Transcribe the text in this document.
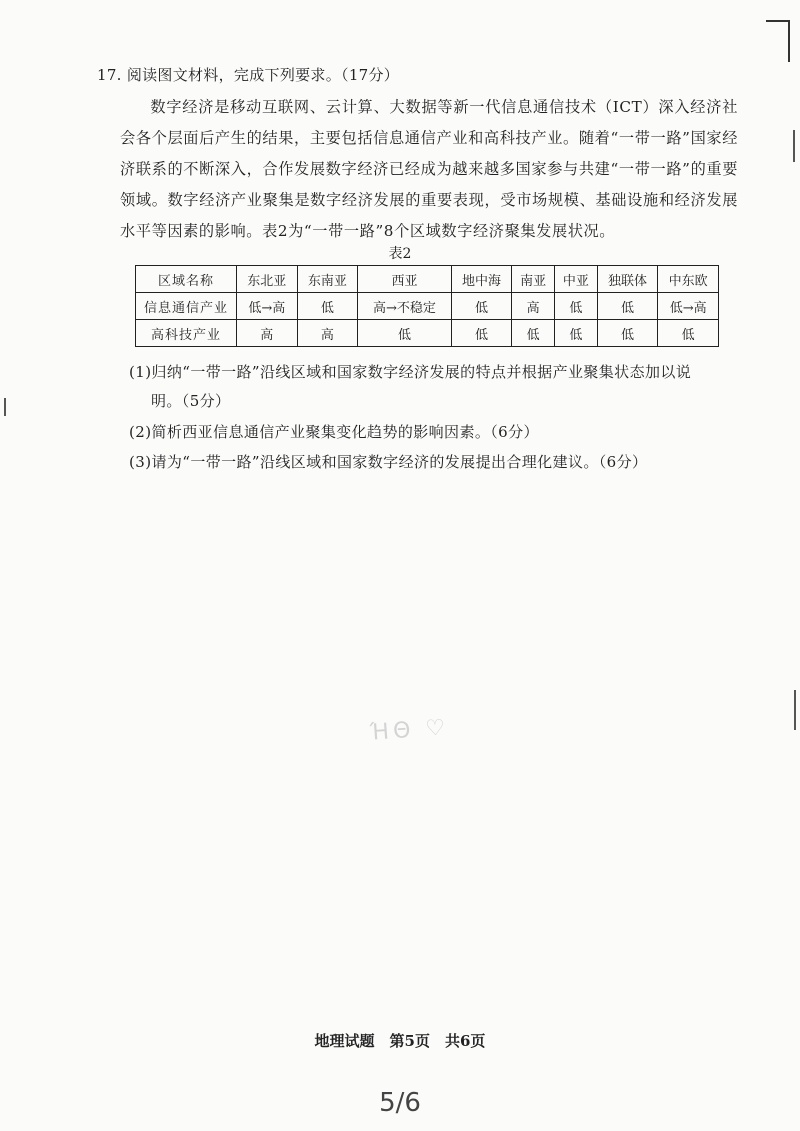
17. 阅读图文材料，完成下列要求。（17分）

数字经济是移动互联网、云计算、大数据等新一代信息通信技术（ICT）深入经济社会各个层面后产生的结果，主要包括信息通信产业和高科技产业。随着“一带一路”国家经济联系的不断深入，合作发展数字经济已经成为越来越多国家参与共建“一带一路”的重要领域。数字经济产业聚集是数字经济发展的重要表现，受市场规模、基础设施和经济发展水平等因素的影响。表2为“一带一路”8个区域数字经济聚集发展状况。

表2
区域名称	东北亚	东南亚	西亚	地中海	南亚	中亚	独联体	中东欧
信息通信产业	低→高	低	高→不稳定	低	高	低	低	低→高
高科技产业	高	高	低	低	低	低	低	低
(1)归纳“一带一路”沿线区域和国家数字经济发展的特点并根据产业聚集状态加以说
明。（5分）
(2)简析西亚信息通信产业聚集变化趋势的影响因素。（6分）
(3)请为“一带一路”沿线区域和国家数字经济的发展提出合理化建议。（6分）
ΉΘ ♡
地理试题　第5页　共6页
5/6
